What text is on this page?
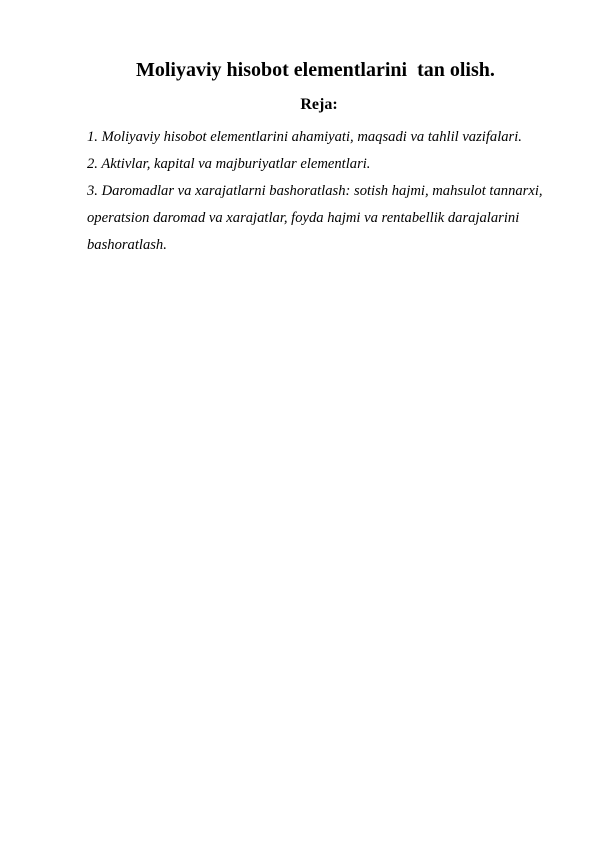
Moliyaviy hisobot elementlarini  tan olish.
Reja:

1. Moliyaviy hisobot elementlarini ahamiyati, maqsadi va tahlil vazifalari.

2. Aktivlar, kapital va majburiyatlar elementlari.

3. Daromadlar va xarajatlarni bashoratlash: sotish hajmi, mahsulot tannarxi, operatsion daromad va xarajatlar, foyda hajmi va rentabellik darajalarini bashoratlash.
